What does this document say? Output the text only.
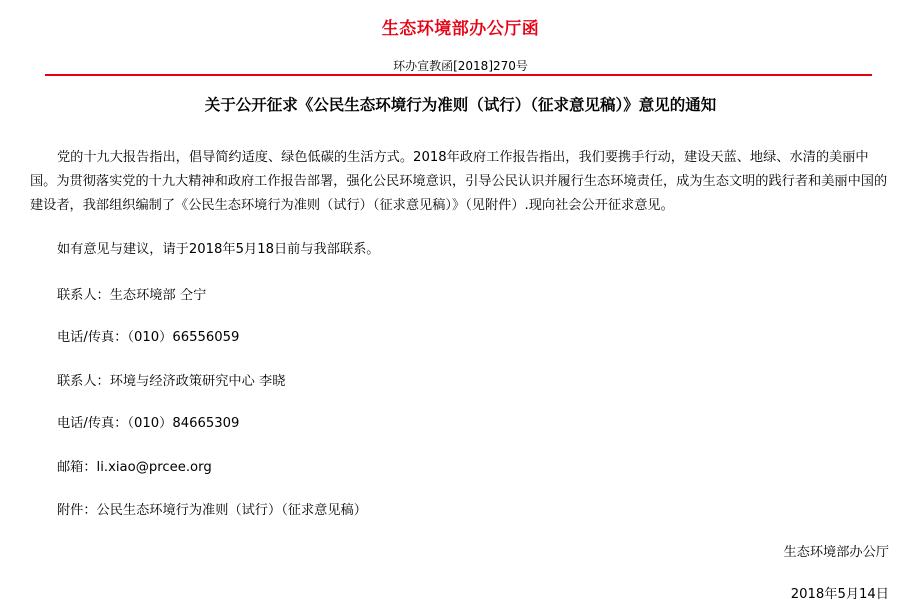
生态环境部办公厅函
环办宣教函[2018]270号
关于公开征求《公民生态环境行为准则（试行）（征求意见稿）》意见的通知
党的十九大报告指出，倡导简约适度、绿色低碳的生活方式。2018年政府工作报告指出，我们要携手行动，建设天蓝、地绿、水清的美丽中国。为贯彻落实党的十九大精神和政府工作报告部署，强化公民环境意识，引导公民认识并履行生态环境责任，成为生态文明的践行者和美丽中国的建设者，我部组织编制了《公民生态环境行为准则（试行）（征求意见稿）》（见附件）.现向社会公开征求意见。
如有意见与建议，请于2018年5月18日前与我部联系。
联系人：生态环境部 仝宁
电话/传真：（010）66556059
联系人：环境与经济政策研究中心 李晓
电话/传真：（010）84665309
邮箱：li.xiao@prcee.org
附件：公民生态环境行为准则（试行）（征求意见稿）
生态环境部办公厅
2018年5月14日
